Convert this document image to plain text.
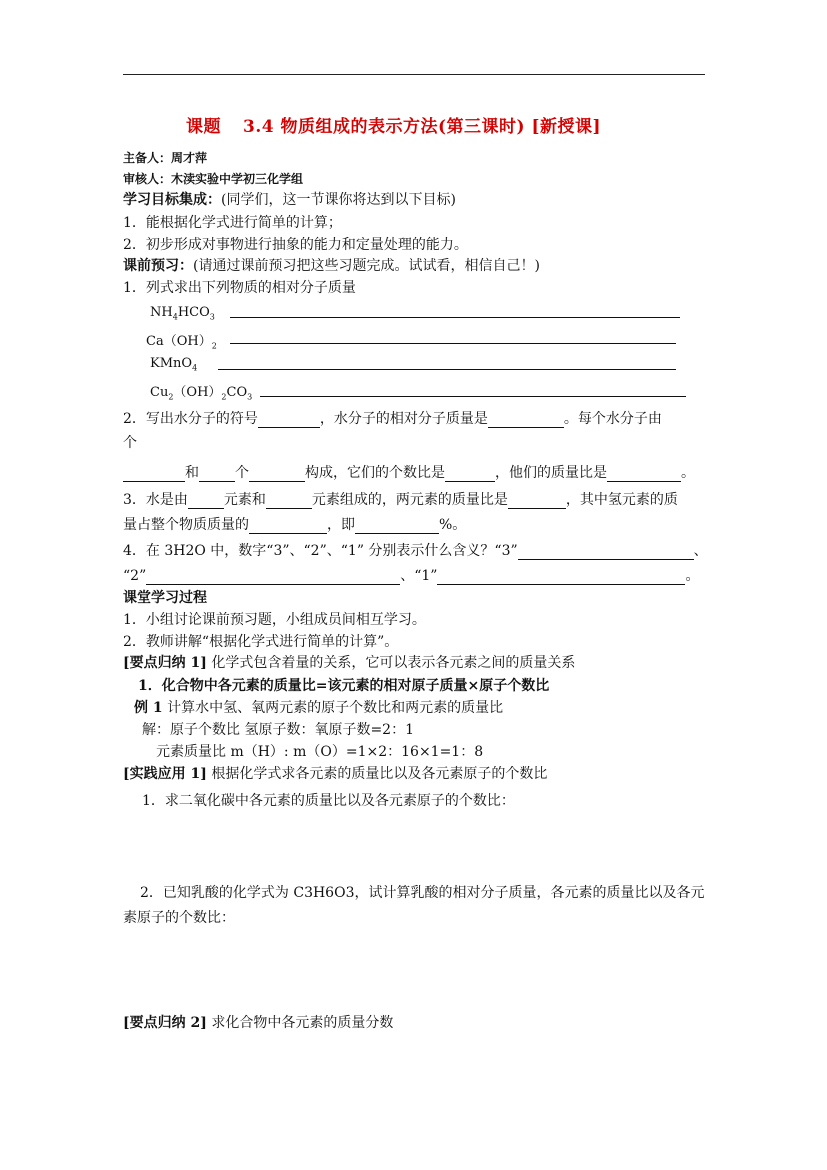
课题 3.4 物质组成的表示方法(第三课时) [新授课]
主备人：周才萍
审核人：木渎实验中学初三化学组
学习目标集成：(同学们，这一节课你将达到以下目标)
1．能根据化学式进行简单的计算；
2．初步形成对事物进行抽象的能力和定量处理的能力。
课前预习：(请通过课前预习把这些习题完成。试试看，相信自己！)
1．列式求出下列物质的相对分子质量
$NH_4HCO_3$
$Ca(OH)_2$
KMnO$_4$
$Cu_2(OH)_2CO_3$
2．写出水分子的符号	，水分子的相对分子质量是	。每个水分子由
个
和	个	构成，它们的个数比是	，他们的质量比是	。
3．水是由	元素和	元素组成的，两元素的质量比是	，其中氢元素的质
量占整个物质质量的	，即	%。
4．在 3H2O 中，数字“3”、“2”、“1” 分别表示什么含义？“3”	、
“2”	、“1”	。
课堂学习过程
1．小组讨论课前预习题，小组成员间相互学习。
2．教师讲解“根据化学式进行简单的计算”。
[要点归纳 1] 化学式包含着量的关系，它可以表示各元素之间的质量关系
1．化合物中各元素的质量比=该元素的相对原子质量×原子个数比
例 1 计算水中氢、氧两元素的原子个数比和两元素的质量比
解：原子个数比 氢原子数：氧原子数=2：1
元素质量比 m（H）: m（O）=1×2：16×1=1：8
[实践应用 1] 根据化学式求各元素的质量比以及各元素原子的个数比
1．求二氧化碳中各元素的质量比以及各元素原子的个数比：
2．已知乳酸的化学式为 C3H6O3，试计算乳酸的相对分子质量，各元素的质量比以及各元
素原子的个数比：
[要点归纳 2] 求化合物中各元素的质量分数
